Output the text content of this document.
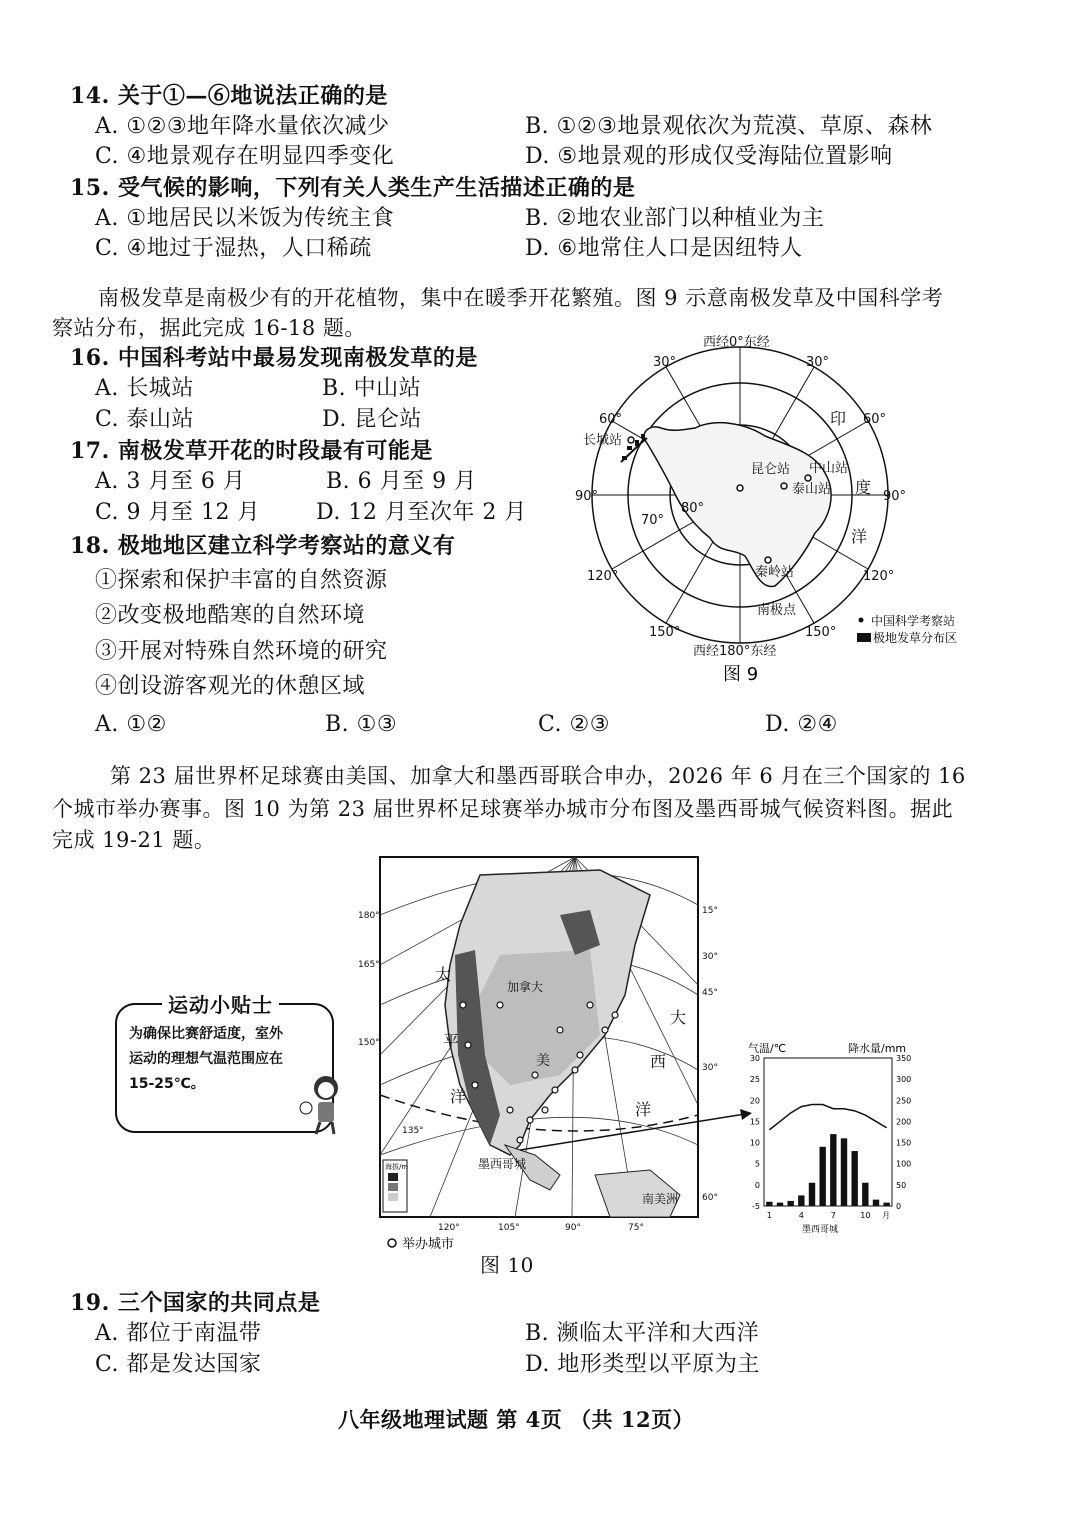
14. 关于①—⑥地说法正确的是
A. ①②③地年降水量依次减少	B. ①②③地景观依次为荒漠、草原、森林
C. ④地景观存在明显四季变化	D. ⑤地景观的形成仅受海陆位置影响
15. 受气候的影响，下列有关人类生产生活描述正确的是
A. ①地居民以米饭为传统主食	B. ②地农业部门以种植业为主
C. ④地过于湿热，人口稀疏	D. ⑥地常住人口是因纽特人
南极发草是南极少有的开花植物，集中在暖季开花繁殖。图 9 示意南极发草及中国科学考
察站分布，据此完成 16-18 题。
16. 中国科考站中最易发现南极发草的是
A. 长城站	B. 中山站
C. 泰山站	D. 昆仑站
17. 南极发草开花的时段最有可能是
A. 3 月至 6 月	B. 6 月至 9 月
C. 9 月至 12 月	D. 12 月至次年 2 月
18. 极地地区建立科学考察站的意义有
①探索和保护丰富的自然资源
②改变极地酷寒的自然环境
③开展对特殊自然环境的研究
④创设游客观光的休憩区域
A. ①②	B. ①③	C. ②③	D. ②④
西经0°东经
30°	30°
60°	60°
90°	90°
120°	120°
150°	150°
70°
80°
长城站
昆仑站 中山站
泰山站
秦岭站
南极点
印
度
洋
西经180°东经
中国科学考察站
极地发草分布区
图 9
第 23 届世界杯足球赛由美国、加拿大和墨西哥联合申办，2026 年 6 月在三个国家的 16
个城市举办赛事。图 10 为第 23 届世界杯足球赛举办城市分布图及墨西哥城气候资料图。据此
完成 19-21 题。
太
平
洋
大
西
洋
加拿大
美
墨西哥城
南美洲
180°
165°
150°
135°
120°	105°	90°	75°
15°
30°
45°
30°
60°
海拔/m
举办城市
运动小贴士
为确保比赛舒适度，室外
运动的理想气温范围应在
15-25℃。
气温/℃	降水量/mm
30
25
20
15
10
5
0
-5
350
300
250
200
150
100
50
0
1	4	7	10 月
墨西哥城
图 10
19. 三个国家的共同点是
A. 都位于南温带	B. 濒临太平洋和大西洋
C. 都是发达国家	D. 地形类型以平原为主
八年级地理试题 第 4页 （共 12页）
